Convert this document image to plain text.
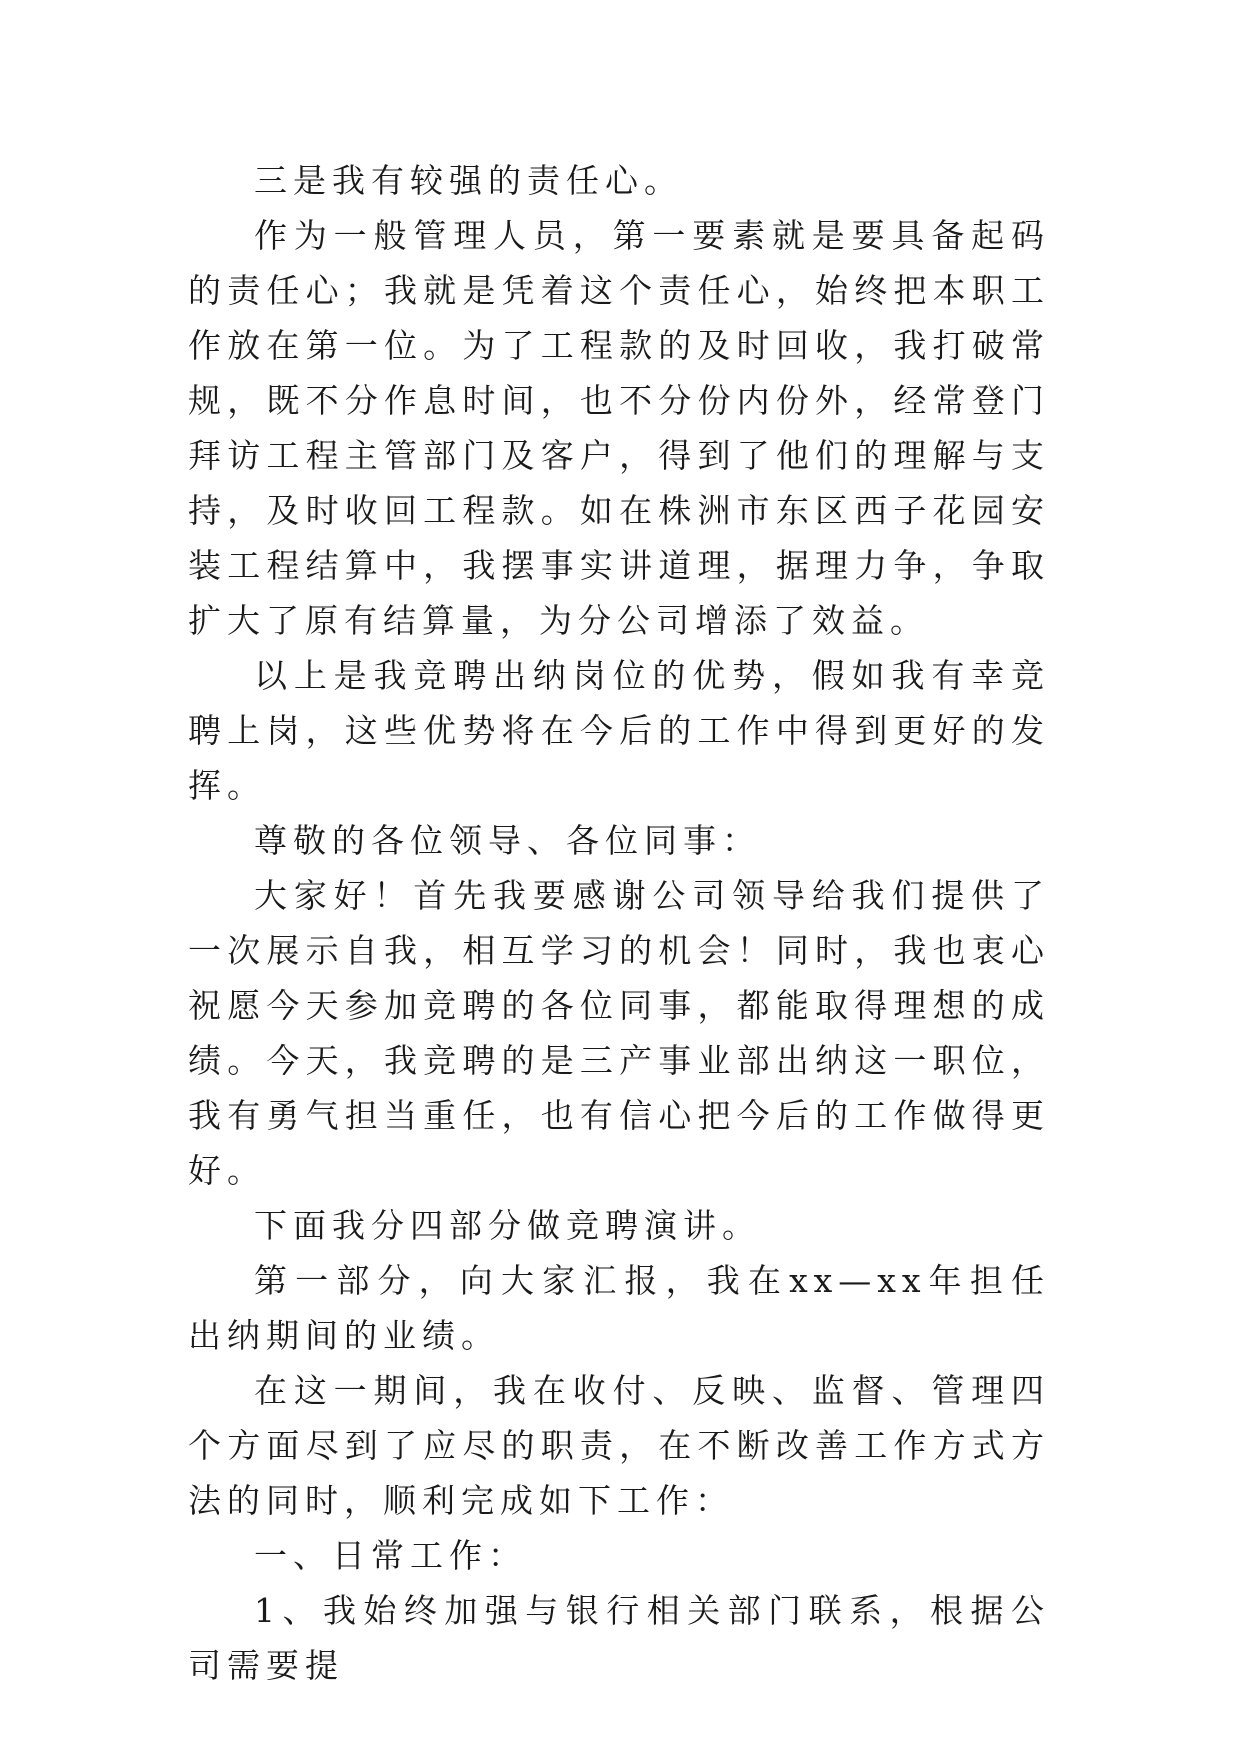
三是我有较强的责任心。

作为一般管理人员，第一要素就是要具备起码的责任心；我就是凭着这个责任心，始终把本职工作放在第一位。为了工程款的及时回收，我打破常规，既不分作息时间，也不分份内份外，经常登门拜访工程主管部门及客户，得到了他们的理解与支持，及时收回工程款。如在株洲市东区西子花园安装工程结算中，我摆事实讲道理，据理力争，争取扩大了原有结算量，为分公司增添了效益。

以上是我竞聘出纳岗位的优势，假如我有幸竞聘上岗，这些优势将在今后的工作中得到更好的发挥。

尊敬的各位领导、各位同事：

大家好！首先我要感谢公司领导给我们提供了一次展示自我，相互学习的机会！同时，我也衷心祝愿今天参加竞聘的各位同事，都能取得理想的成绩。今天，我竞聘的是三产事业部出纳这一职位，我有勇气担当重任，也有信心把今后的工作做得更好。

下面我分四部分做竞聘演讲。

第一部分，向大家汇报，我在xx—xx年担任出纳期间的业绩。

在这一期间，我在收付、反映、监督、管理四个方面尽到了应尽的职责，在不断改善工作方式方法的同时，顺利完成如下工作：

一、日常工作：

1、我始终加强与银行相关部门联系，根据公司需要提
